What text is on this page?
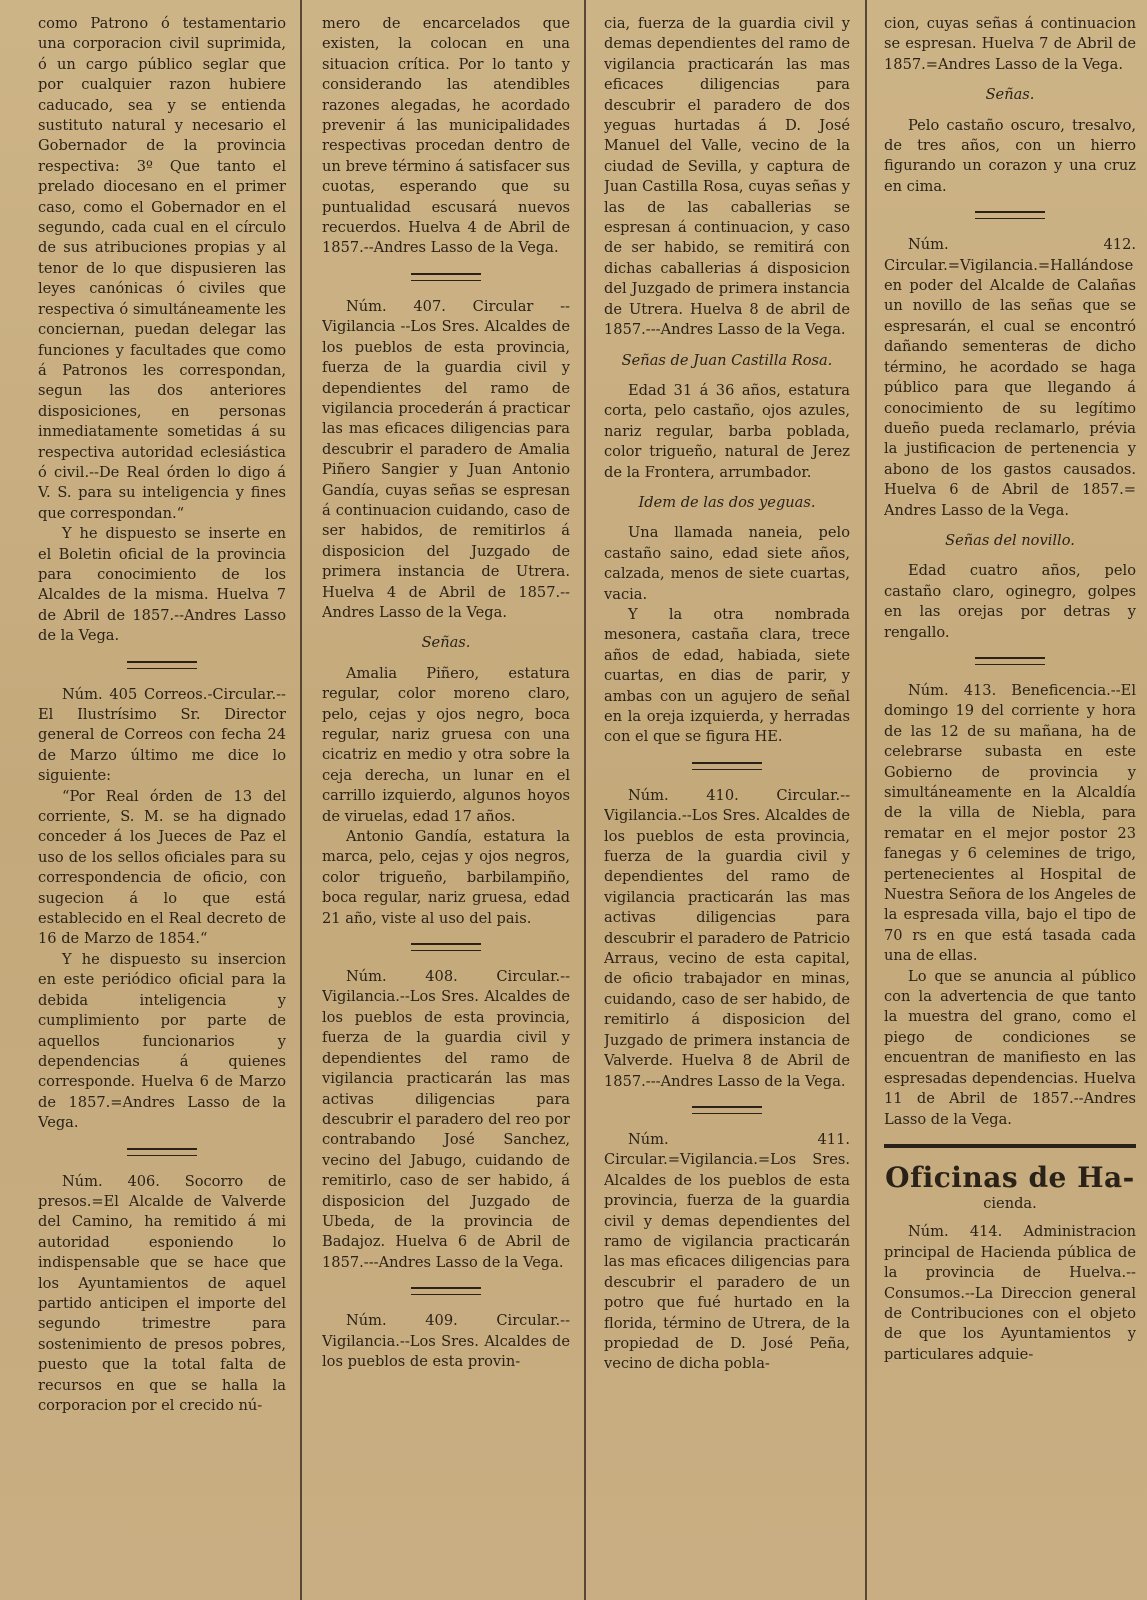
como Patrono ó testamentario una corporacion civil suprimida, ó un cargo público seglar que por cualquier razon hubiere caducado, sea y se entienda sustituto natural y necesario el Gobernador de la provincia respectiva: 3º Que tanto el prelado diocesano en el primer caso, como el Gobernador en el segundo, cada cual en el círculo de sus atribuciones propias y al tenor de lo que dispusieren las leyes canónicas ó civiles que respectiva ó simultáneamente les conciernan, puedan delegar las funciones y facultades que como á Patronos les correspondan, segun las dos anteriores disposiciones, en personas inmediatamente sometidas á su respectiva autoridad eclesiástica ó civil.--De Real órden lo digo á V. S. para su inteligencia y fines que correspondan.“

Y he dispuesto se inserte en el Boletin oficial de la provincia para conocimiento de los Alcaldes de la misma. Huelva 7 de Abril de 1857.--Andres Lasso de la Vega.

Núm. 405 Correos.-Circular.--El Ilustrísimo Sr. Director general de Correos con fecha 24 de Marzo último me dice lo siguiente:

“Por Real órden de 13 del corriente, S. M. se ha dignado conceder á los Jueces de Paz el uso de los sellos oficiales para su correspondencia de oficio, con sugecion á lo que está establecido en el Real decreto de 16 de Marzo de 1854.“

Y he dispuesto su insercion en este periódico oficial para la debida inteligencia y cumplimiento por parte de aquellos funcionarios y dependencias á quienes corresponde. Huelva 6 de Marzo de 1857.=Andres Lasso de la Vega.

Núm. 406. Socorro de presos.=El Alcalde de Valverde del Camino, ha remitido á mi autoridad esponiendo lo indispensable que se hace que los Ayuntamientos de aquel partido anticipen el importe del segundo trimestre para sostenimiento de presos pobres, puesto que la total falta de recursos en que se halla la corporacion por el crecido nú-

mero de encarcelados que existen, la colocan en una situacion crítica. Por lo tanto y considerando las atendibles razones alegadas, he acordado prevenir á las municipalidades respectivas procedan dentro de un breve término á satisfacer sus cuotas, esperando que su puntualidad escusará nuevos recuerdos. Huelva 4 de Abril de 1857.--Andres Lasso de la Vega.

Núm. 407. Circular --Vigilancia --Los Sres. Alcaldes de los pueblos de esta provincia, fuerza de la guardia civil y dependientes del ramo de vigilancia procederán á practicar las mas eficaces diligencias para descubrir el paradero de Amalia Piñero Sangier y Juan Antonio Gandía, cuyas señas se espresan á continuacion cuidando, caso de ser habidos, de remitirlos á disposicion del Juzgado de primera instancia de Utrera. Huelva 4 de Abril de 1857.--Andres Lasso de la Vega.

Señas.

Amalia Piñero, estatura regular, color moreno claro, pelo, cejas y ojos negro, boca regular, nariz gruesa con una cicatriz en medio y otra sobre la ceja derecha, un lunar en el carrillo izquierdo, algunos hoyos de viruelas, edad 17 años.

Antonio Gandía, estatura la marca, pelo, cejas y ojos negros, color trigueño, barbilampiño, boca regular, nariz gruesa, edad 21 año, viste al uso del pais.

Núm. 408. Circular.--Vigilancia.--Los Sres. Alcaldes de los pueblos de esta provincia, fuerza de la guardia civil y dependientes del ramo de vigilancia practicarán las mas activas diligencias para descubrir el paradero del reo por contrabando José Sanchez, vecino del Jabugo, cuidando de remitirlo, caso de ser habido, á disposicion del Juzgado de Ubeda, de la provincia de Badajoz. Huelva 6 de Abril de 1857.---Andres Lasso de la Vega.

Núm. 409. Circular.--Vigilancia.--Los Sres. Alcaldes de los pueblos de esta provin-

cia, fuerza de la guardia civil y demas dependientes del ramo de vigilancia practicarán las mas eficaces diligencias para descubrir el paradero de dos yeguas hurtadas á D. José Manuel del Valle, vecino de la ciudad de Sevilla, y captura de Juan Castilla Rosa, cuyas señas y las de las caballerias se espresan á continuacion, y caso de ser habido, se remitirá con dichas caballerias á disposicion del Juzgado de primera instancia de Utrera. Huelva 8 de abril de 1857.---Andres Lasso de la Vega.

Señas de Juan Castilla Rosa.

Edad 31 á 36 años, estatura corta, pelo castaño, ojos azules, nariz regular, barba poblada, color trigueño, natural de Jerez de la Frontera, arrumbador.

Idem de las dos yeguas.

Una llamada naneia, pelo castaño saino, edad siete años, calzada, menos de siete cuartas, vacia.

Y la otra nombrada mesonera, castaña clara, trece años de edad, habiada, siete cuartas, en dias de parir, y ambas con un agujero de señal en la oreja izquierda, y herradas con el que se figura HE.

Núm. 410. Circular.--Vigilancia.--Los Sres. Alcaldes de los pueblos de esta provincia, fuerza de la guardia civil y dependientes del ramo de vigilancia practicarán las mas activas diligencias para descubrir el paradero de Patricio Arraus, vecino de esta capital, de oficio trabajador en minas, cuidando, caso de ser habido, de remitirlo á disposicion del Juzgado de primera instancia de Valverde. Huelva 8 de Abril de 1857.---Andres Lasso de la Vega.

Núm. 411. Circular.=Vigilancia.=Los Sres. Alcaldes de los pueblos de esta provincia, fuerza de la guardia civil y demas dependientes del ramo de vigilancia practicarán las mas eficaces diligencias para descubrir el paradero de un potro que fué hurtado en la florida, término de Utrera, de la propiedad de D. José Peña, vecino de dicha pobla-

cion, cuyas señas á continuacion se espresan. Huelva 7 de Abril de 1857.=Andres Lasso de la Vega.

Señas.

Pelo castaño oscuro, tresalvo, de tres años, con un hierro figurando un corazon y una cruz en cima.

Núm. 412. Circular.=Vigilancia.=Hallándose en poder del Alcalde de Calañas un novillo de las señas que se espresarán, el cual se encontró dañando sementeras de dicho término, he acordado se haga público para que llegando á conocimiento de su legítimo dueño pueda reclamarlo, prévia la justificacion de pertenencia y abono de los gastos causados. Huelva 6 de Abril de 1857.= Andres Lasso de la Vega.

Señas del novillo.

Edad cuatro años, pelo castaño claro, oginegro, golpes en las orejas por detras y rengallo.

Núm. 413. Beneficencia.--El domingo 19 del corriente y hora de las 12 de su mañana, ha de celebrarse subasta en este Gobierno de provincia y simultáneamente en la Alcaldía de la villa de Niebla, para rematar en el mejor postor 23 fanegas y 6 celemines de trigo, pertenecientes al Hospital de Nuestra Señora de los Angeles de la espresada villa, bajo el tipo de 70 rs en que está tasada cada una de ellas.

Lo que se anuncia al público con la advertencia de que tanto la muestra del grano, como el piego de condiciones se encuentran de manifiesto en las espresadas dependencias. Huelva 11 de Abril de 1857.--Andres Lasso de la Vega.

Oficinas de Ha-

cienda.

Núm. 414. Administracion principal de Hacienda pública de la provincia de Huelva.--Consumos.--La Direccion general de Contribuciones con el objeto de que los Ayuntamientos y particulares adquie-
